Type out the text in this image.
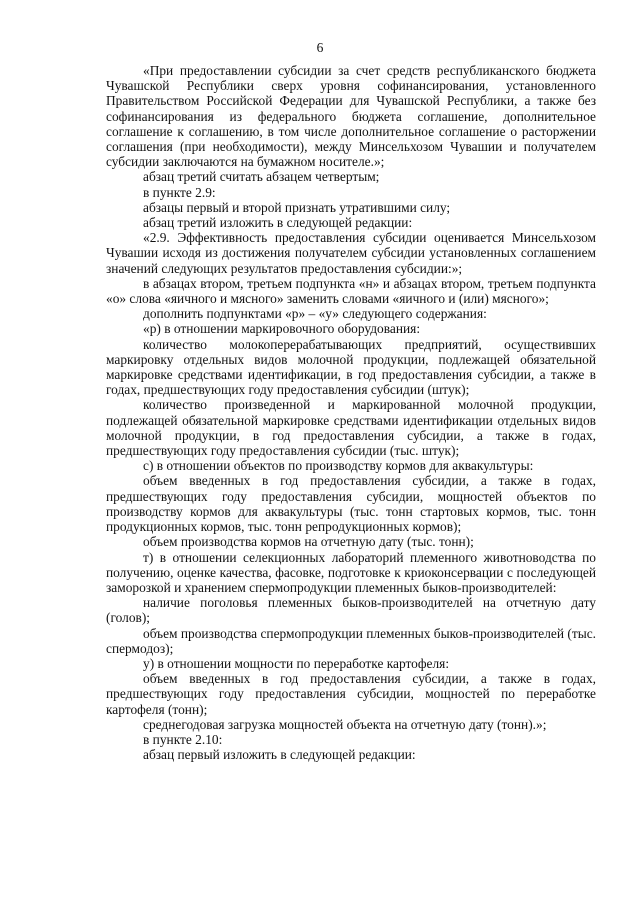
6

«При предоставлении субсидии за счет средств республиканского бюджета Чувашской Республики сверх уровня софинансирования, установленного Правительством Российской Федерации для Чувашской Республики, а также без софинансирования из федерального бюджета соглашение, дополнительное соглашение к соглашению, в том числе дополнительное соглашение о расторжении соглашения (при необходимости), между Минсельхозом Чувашии и получателем субсидии заключаются на бумажном носителе.»;

абзац третий считать абзацем четвертым;

в пункте 2.9:

абзацы первый и второй признать утратившими силу;

абзац третий изложить в следующей редакции:

«2.9. Эффективность предоставления субсидии оценивается Минсельхозом Чувашии исходя из достижения получателем субсидии установленных соглашением значений следующих результатов предоставления субсидии:»;

в абзацах втором, третьем подпункта «н» и абзацах втором, третьем подпункта «о» слова «яичного и мясного» заменить словами «яичного и (или) мясного»;

дополнить подпунктами «р» – «у» следующего содержания:

«р) в отношении маркировочного оборудования:

количество молокоперерабатывающих предприятий, осуществивших маркировку отдельных видов молочной продукции, подлежащей обязательной маркировке средствами идентификации, в год предоставления субсидии, а также в годах, предшествующих году предоставления субсидии (штук);

количество произведенной и маркированной молочной продукции, подлежащей обязательной маркировке средствами идентификации отдельных видов молочной продукции, в год предоставления субсидии, а также в годах, предшествующих году предоставления субсидии (тыс. штук);

с) в отношении объектов по производству кормов для аквакультуры:

объем введенных в год предоставления субсидии, а также в годах, предшествующих году предоставления субсидии, мощностей объектов по производству кормов для аквакультуры (тыс. тонн стартовых кормов, тыс. тонн продукционных кормов, тыс. тонн репродукционных кормов);

объем производства кормов на отчетную дату (тыс. тонн);

т) в отношении селекционных лабораторий племенного животноводства по получению, оценке качества, фасовке, подготовке к криоконсервации с последующей заморозкой и хранением спермопродукции племенных быков-производителей:

наличие поголовья племенных быков-производителей на отчетную дату (голов);

объем производства спермопродукции племенных быков-производителей (тыс. спермодоз);

у) в отношении мощности по переработке картофеля:

объем введенных в год предоставления субсидии, а также в годах, предшествующих году предоставления субсидии, мощностей по переработке картофеля (тонн);

среднегодовая загрузка мощностей объекта на отчетную дату (тонн).»;

в пункте 2.10:

абзац первый изложить в следующей редакции:
